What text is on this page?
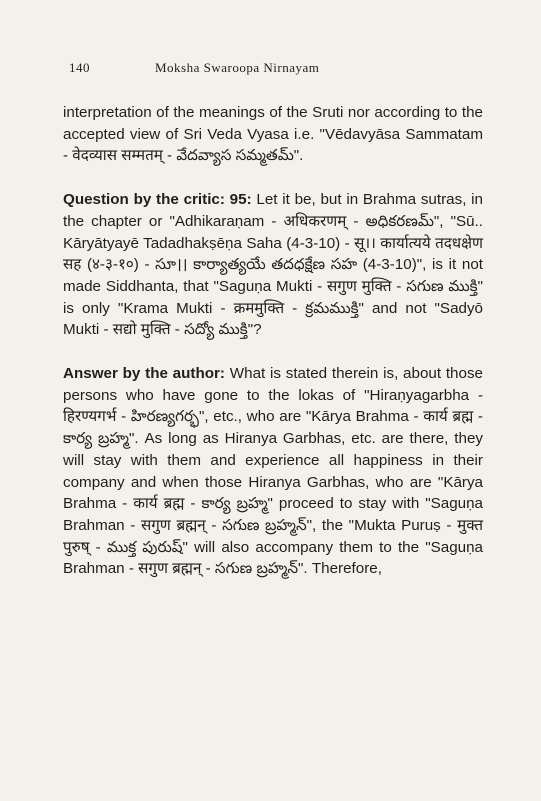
140	Moksha Swaroopa Nirnayam

interpretation of the meanings of the Sruti nor according to the accepted view of Sri Veda Vyasa i.e. "Vēdavyāsa Sammatam - वेदव्यास सम्मतम् - వేదవ్యాస సమ్మతమ్".

Question by the critic: 95: Let it be, but in Brahma sutras, in the chapter or "Adhikaraṇam - अधिकरणम् - అధికరణమ్", "Sū.. Kāryātyayē Tadadhakṣēṇa Saha (4-3-10) - सू।। कार्यात्यये तदधक्षेण सह (४-३-१०) - సూ।। కార్యాత్యయే తదధక్షేణ సహ (4-3-10)", is it not made Siddhanta, that "Saguṇa Mukti - सगुण मुक्ति - సగుణ ముక్తి" is only "Krama Mukti - क्रममुक्ति - క్రమముక్తి" and not "Sadyō Mukti - सद्यो मुक्ति - సద్యో ముక్తి"?

Answer by the author: What is stated therein is, about those persons who have gone to the lokas of "Hiraṇyagarbha - हिरण्यगर्भ - హిరణ్యగర్భ", etc., who are "Kārya Brahma - कार्य ब्रह्म - కార్య బ్రహ్మ". As long as Hiranya Garbhas, etc. are there, they will stay with them and experience all happiness in their company and when those Hiranya Garbhas, who are "Kārya Brahma - कार्य ब्रह्म - కార్య బ్రహ్మ" proceed to stay with "Saguṇa Brahman - सगुण ब्रह्मन् - సగుణ బ్రహ్మన్", the "Mukta Puruṣ - मुक्त पुरुष् - ముక్త పురుష్" will also accompany them to the "Saguṇa Brahman - सगुण ब्रह्मन् - సగుణ బ్రహ్మన్". Therefore,
